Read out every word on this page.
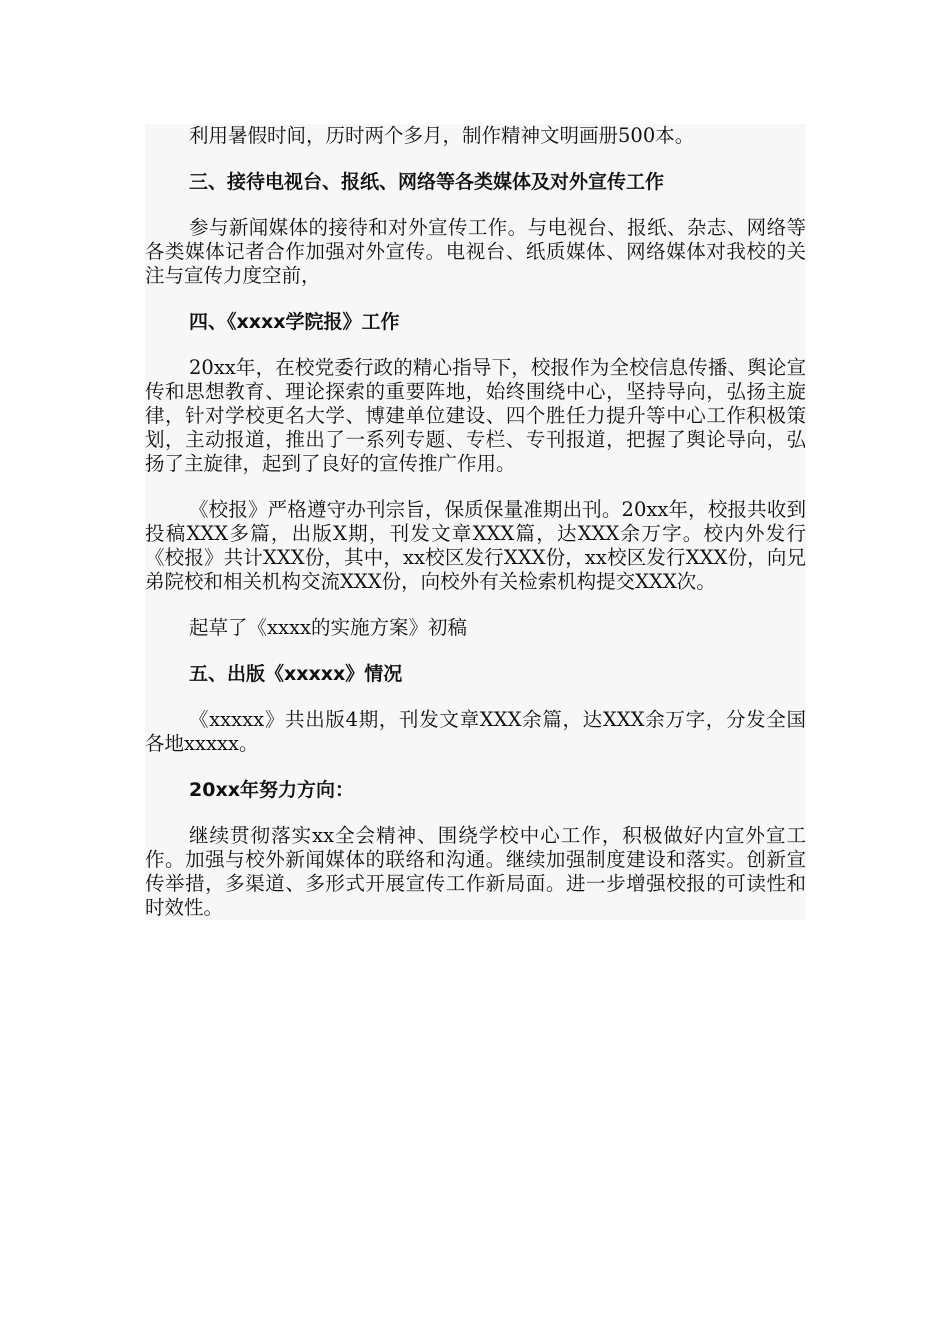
利用暑假时间，历时两个多月，制作精神文明画册500本。

三、接待电视台、报纸、网络等各类媒体及对外宣传工作

参与新闻媒体的接待和对外宣传工作。与电视台、报纸、杂志、网络等各类媒体记者合作加强对外宣传。电视台、纸质媒体、网络媒体对我校的关注与宣传力度空前，

四、《xxxx学院报》工作

20xx年，在校党委行政的精心指导下，校报作为全校信息传播、舆论宣传和思想教育、理论探索的重要阵地，始终围绕中心，坚持导向，弘扬主旋律，针对学校更名大学、博建单位建设、四个胜任力提升等中心工作积极策划，主动报道，推出了一系列专题、专栏、专刊报道，把握了舆论导向，弘扬了主旋律，起到了良好的宣传推广作用。

《校报》严格遵守办刊宗旨，保质保量准期出刊。20xx年，校报共收到投稿XXX多篇，出版X期，刊发文章XXX篇，达XXX余万字。校内外发行《校报》共计XXX份，其中，xx校区发行XXX份，xx校区发行XXX份，向兄弟院校和相关机构交流XXX份，向校外有关检索机构提交XXX次。

起草了《xxxx的实施方案》初稿

五、出版《xxxxx》情况

《xxxxx》共出版4期，刊发文章XXX余篇，达XXX余万字，分发全国各地xxxxx。

20xx年努力方向：

继续贯彻落实xx全会精神、围绕学校中心工作，积极做好内宣外宣工作。加强与校外新闻媒体的联络和沟通。继续加强制度建设和落实。创新宣传举措，多渠道、多形式开展宣传工作新局面。进一步增强校报的可读性和时效性。
